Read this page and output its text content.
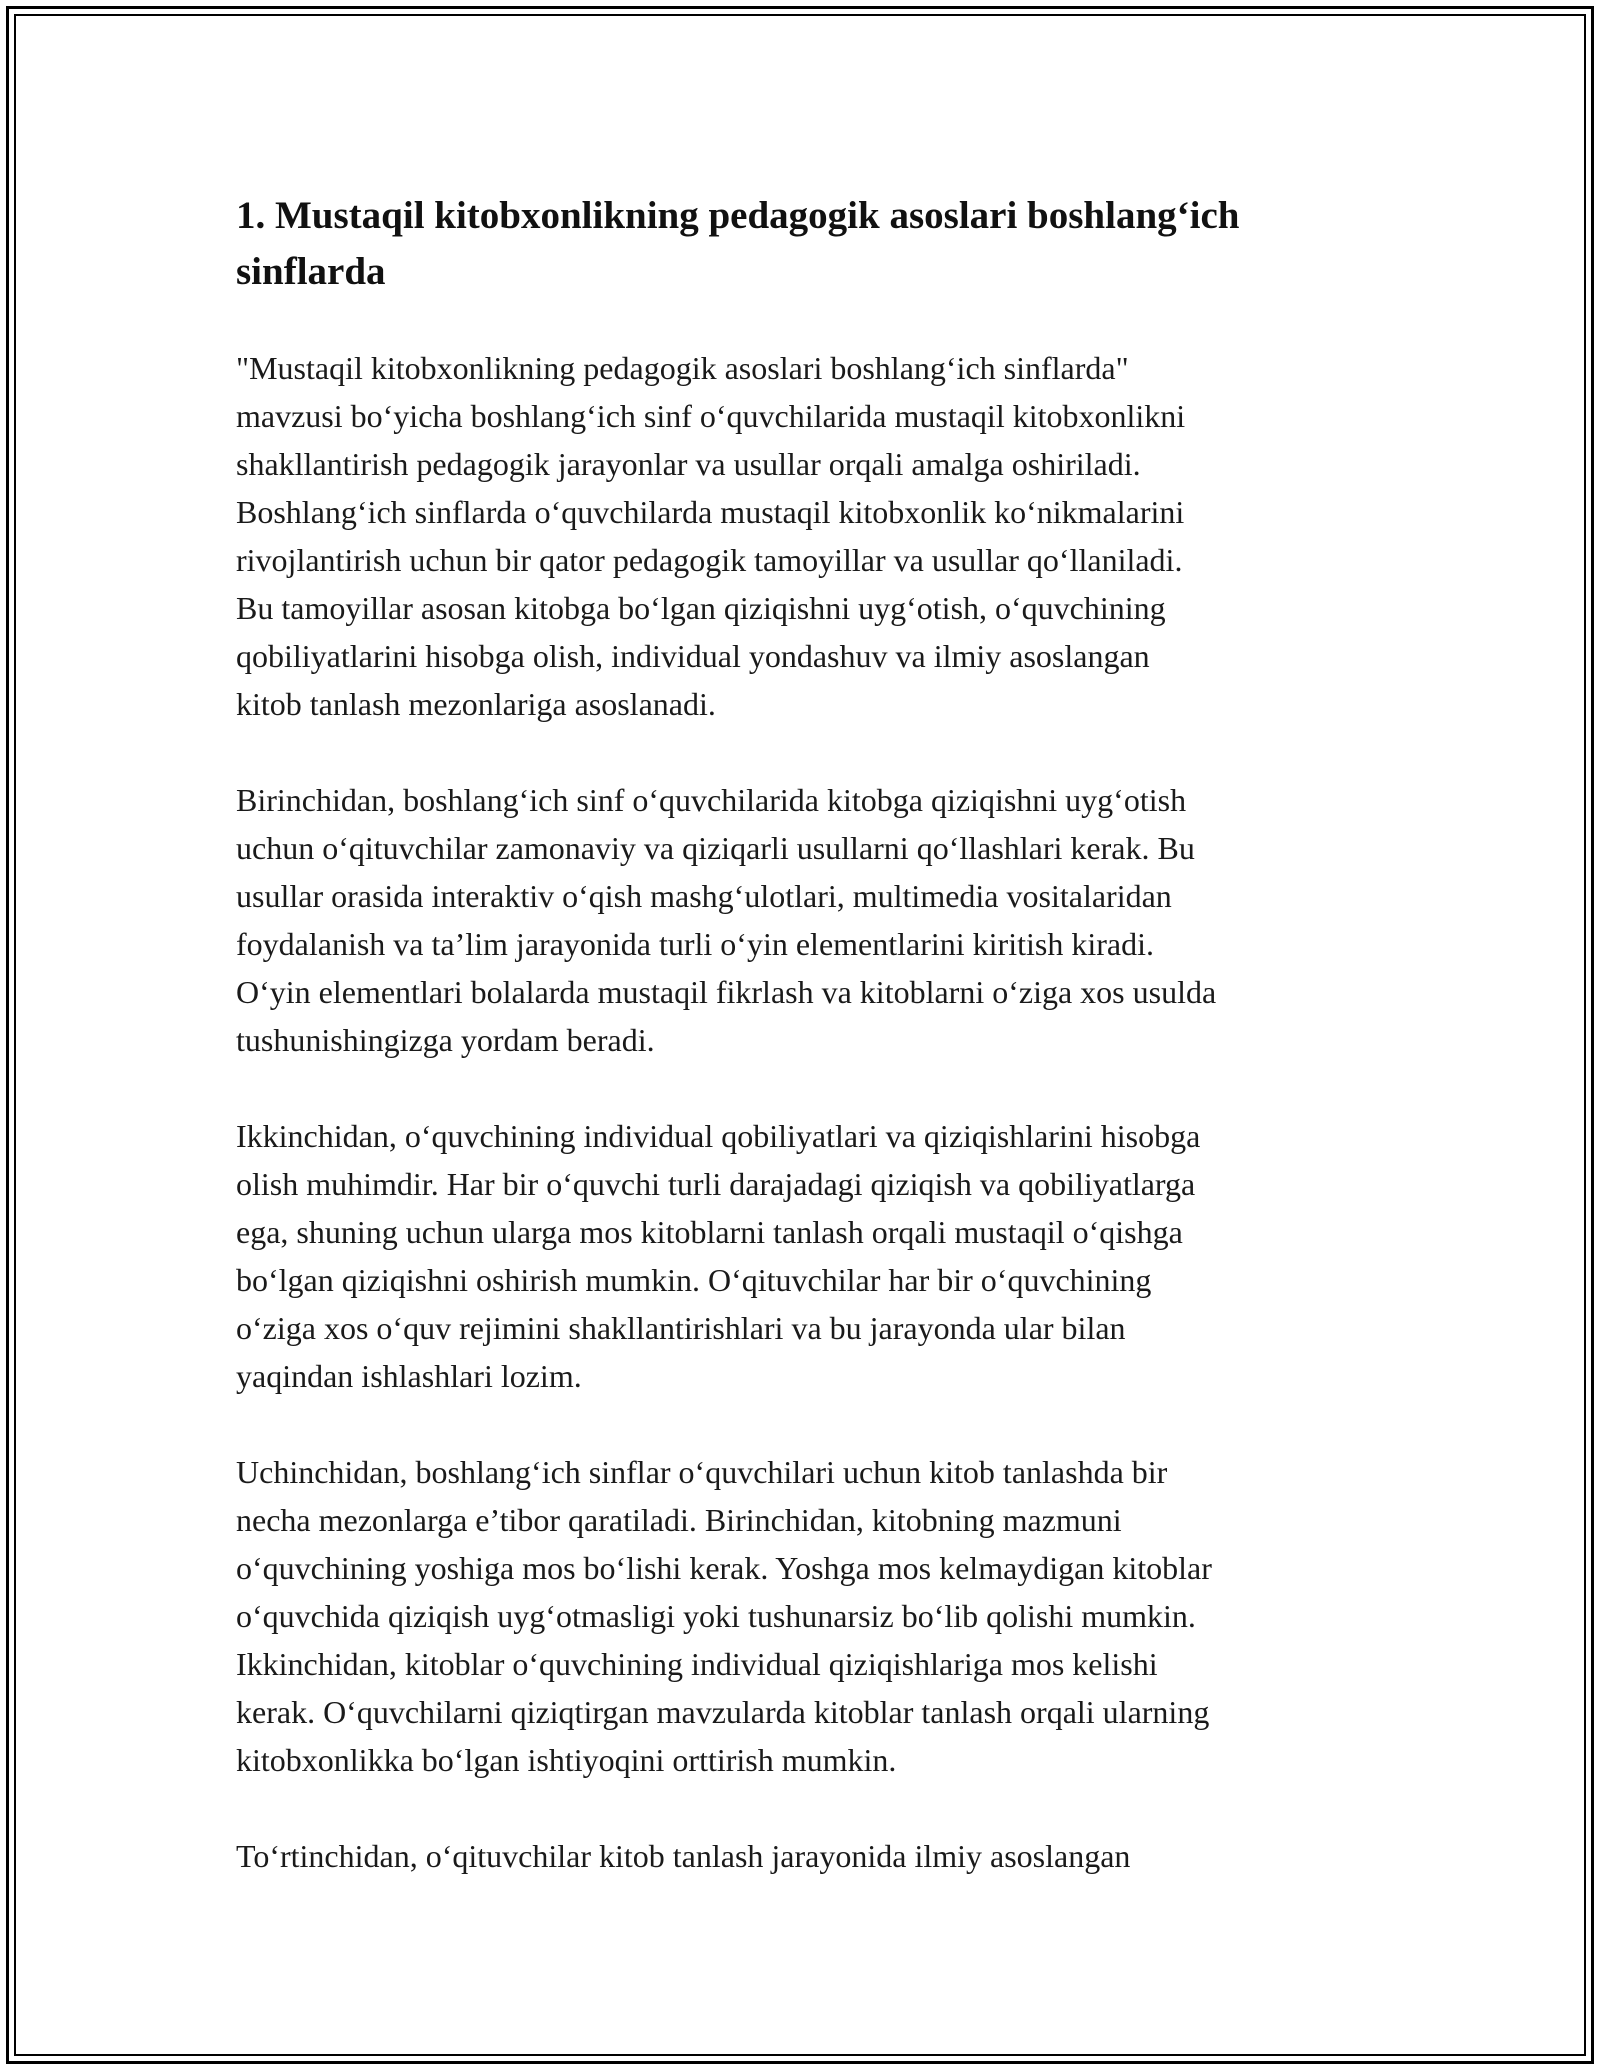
1. Mustaqil kitobxonlikning pedagogik asoslari boshlang‘ich
sinflarda

"Mustaqil kitobxonlikning pedagogik asoslari boshlang‘ich sinflarda"
mavzusi bo‘yicha boshlang‘ich sinf o‘quvchilarida mustaqil kitobxonlikni
shakllantirish pedagogik jarayonlar va usullar orqali amalga oshiriladi.
Boshlang‘ich sinflarda o‘quvchilarda mustaqil kitobxonlik ko‘nikmalarini
rivojlantirish uchun bir qator pedagogik tamoyillar va usullar qo‘llaniladi.
Bu tamoyillar asosan kitobga bo‘lgan qiziqishni uyg‘otish, o‘quvchining
qobiliyatlarini hisobga olish, individual yondashuv va ilmiy asoslangan
kitob tanlash mezonlariga asoslanadi.

Birinchidan, boshlang‘ich sinf o‘quvchilarida kitobga qiziqishni uyg‘otish
uchun o‘qituvchilar zamonaviy va qiziqarli usullarni qo‘llashlari kerak. Bu
usullar orasida interaktiv o‘qish mashg‘ulotlari, multimedia vositalaridan
foydalanish va ta’lim jarayonida turli o‘yin elementlarini kiritish kiradi.
O‘yin elementlari bolalarda mustaqil fikrlash va kitoblarni o‘ziga xos usulda
tushunishingizga yordam beradi.

Ikkinchidan, o‘quvchining individual qobiliyatlari va qiziqishlarini hisobga
olish muhimdir. Har bir o‘quvchi turli darajadagi qiziqish va qobiliyatlarga
ega, shuning uchun ularga mos kitoblarni tanlash orqali mustaqil o‘qishga
bo‘lgan qiziqishni oshirish mumkin. O‘qituvchilar har bir o‘quvchining
o‘ziga xos o‘quv rejimini shakllantirishlari va bu jarayonda ular bilan
yaqindan ishlashlari lozim.

Uchinchidan, boshlang‘ich sinflar o‘quvchilari uchun kitob tanlashda bir
necha mezonlarga e’tibor qaratiladi. Birinchidan, kitobning mazmuni
o‘quvchining yoshiga mos bo‘lishi kerak. Yoshga mos kelmaydigan kitoblar
o‘quvchida qiziqish uyg‘otmasligi yoki tushunarsiz bo‘lib qolishi mumkin.
Ikkinchidan, kitoblar o‘quvchining individual qiziqishlariga mos kelishi
kerak. O‘quvchilarni qiziqtirgan mavzularda kitoblar tanlash orqali ularning
kitobxonlikka bo‘lgan ishtiyoqini orttirish mumkin.

To‘rtinchidan, o‘qituvchilar kitob tanlash jarayonida ilmiy asoslangan
